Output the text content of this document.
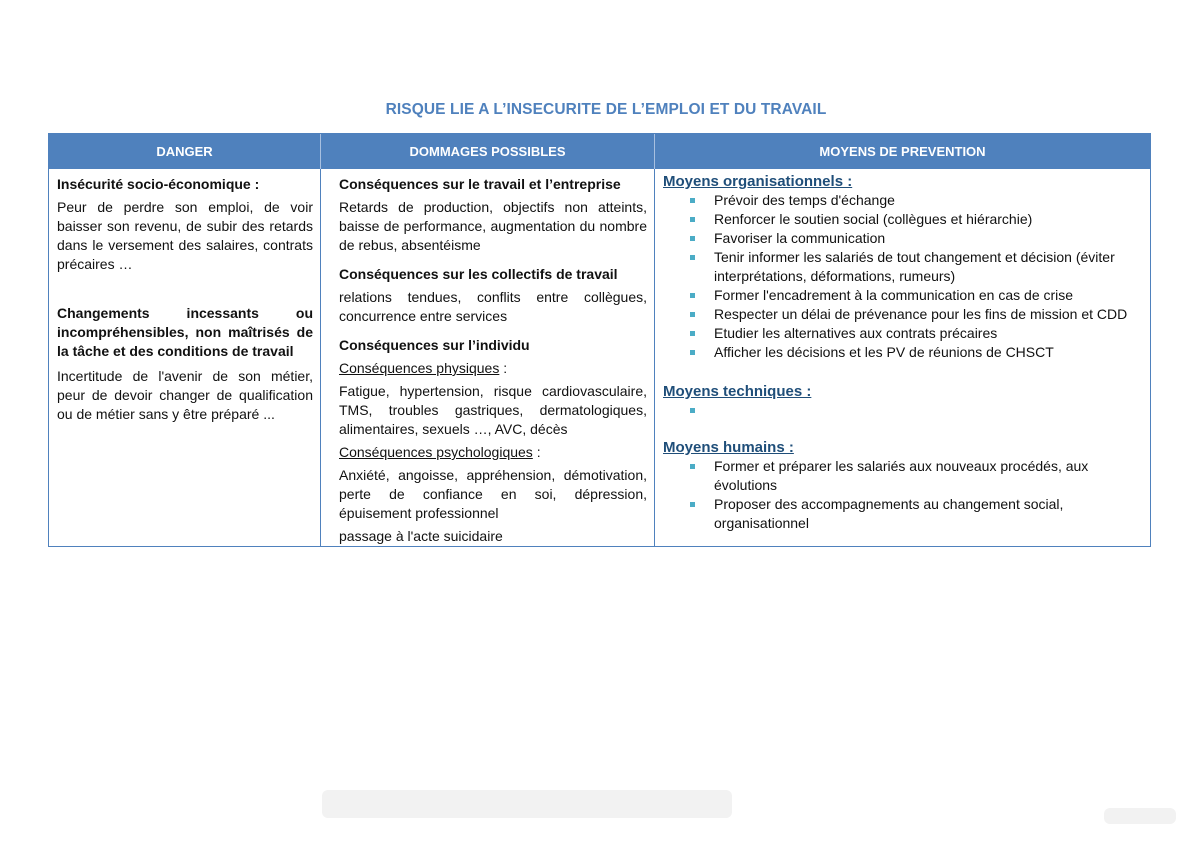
RISQUE LIE A L’INSECURITE DE L’EMPLOI ET DU TRAVAIL
DANGER	DOMMAGES POSSIBLES	MOYENS DE PREVENTION
Insécurité socio-économique :
Peur de perdre son emploi, de voir baisser son revenu, de subir des retards dans le versement des salaires, contrats précaires …
Changements incessants ou
incompréhensibles, non maîtrisés de la tâche et des conditions de travail
Incertitude de l'avenir de son métier, peur de devoir changer de qualification ou de métier sans y être préparé ...
Conséquences sur le travail et l’entreprise
Retards de production, objectifs non atteints, baisse de performance, augmentation du nombre de rebus, absentéisme
Conséquences sur les collectifs de travail
relations tendues, conflits entre collègues, concurrence entre services
Conséquences sur l’individu
Conséquences physiques :
Fatigue, hypertension, risque cardiovasculaire, TMS, troubles gastriques, dermatologiques, alimentaires, sexuels …, AVC, décès
Conséquences psychologiques :
Anxiété, angoisse, appréhension, démotivation, perte de confiance en soi, dépression, épuisement professionnel
passage à l'acte suicidaire
Moyens organisationnels :
Prévoir des temps d'échange
Renforcer le soutien social (collègues et hiérarchie)
Favoriser la communication
Tenir informer les salariés de tout changement et décision (éviter interprétations, déformations, rumeurs)
Former l'encadrement à la communication en cas de crise
Respecter un délai de prévenance pour les fins de mission et CDD
Etudier les alternatives aux contrats précaires
Afficher les décisions et les PV de réunions de CHSCT
Moyens techniques :
Moyens humains :
Former et préparer les salariés aux nouveaux procédés, aux évolutions
Proposer des accompagnements au changement social, organisationnel
